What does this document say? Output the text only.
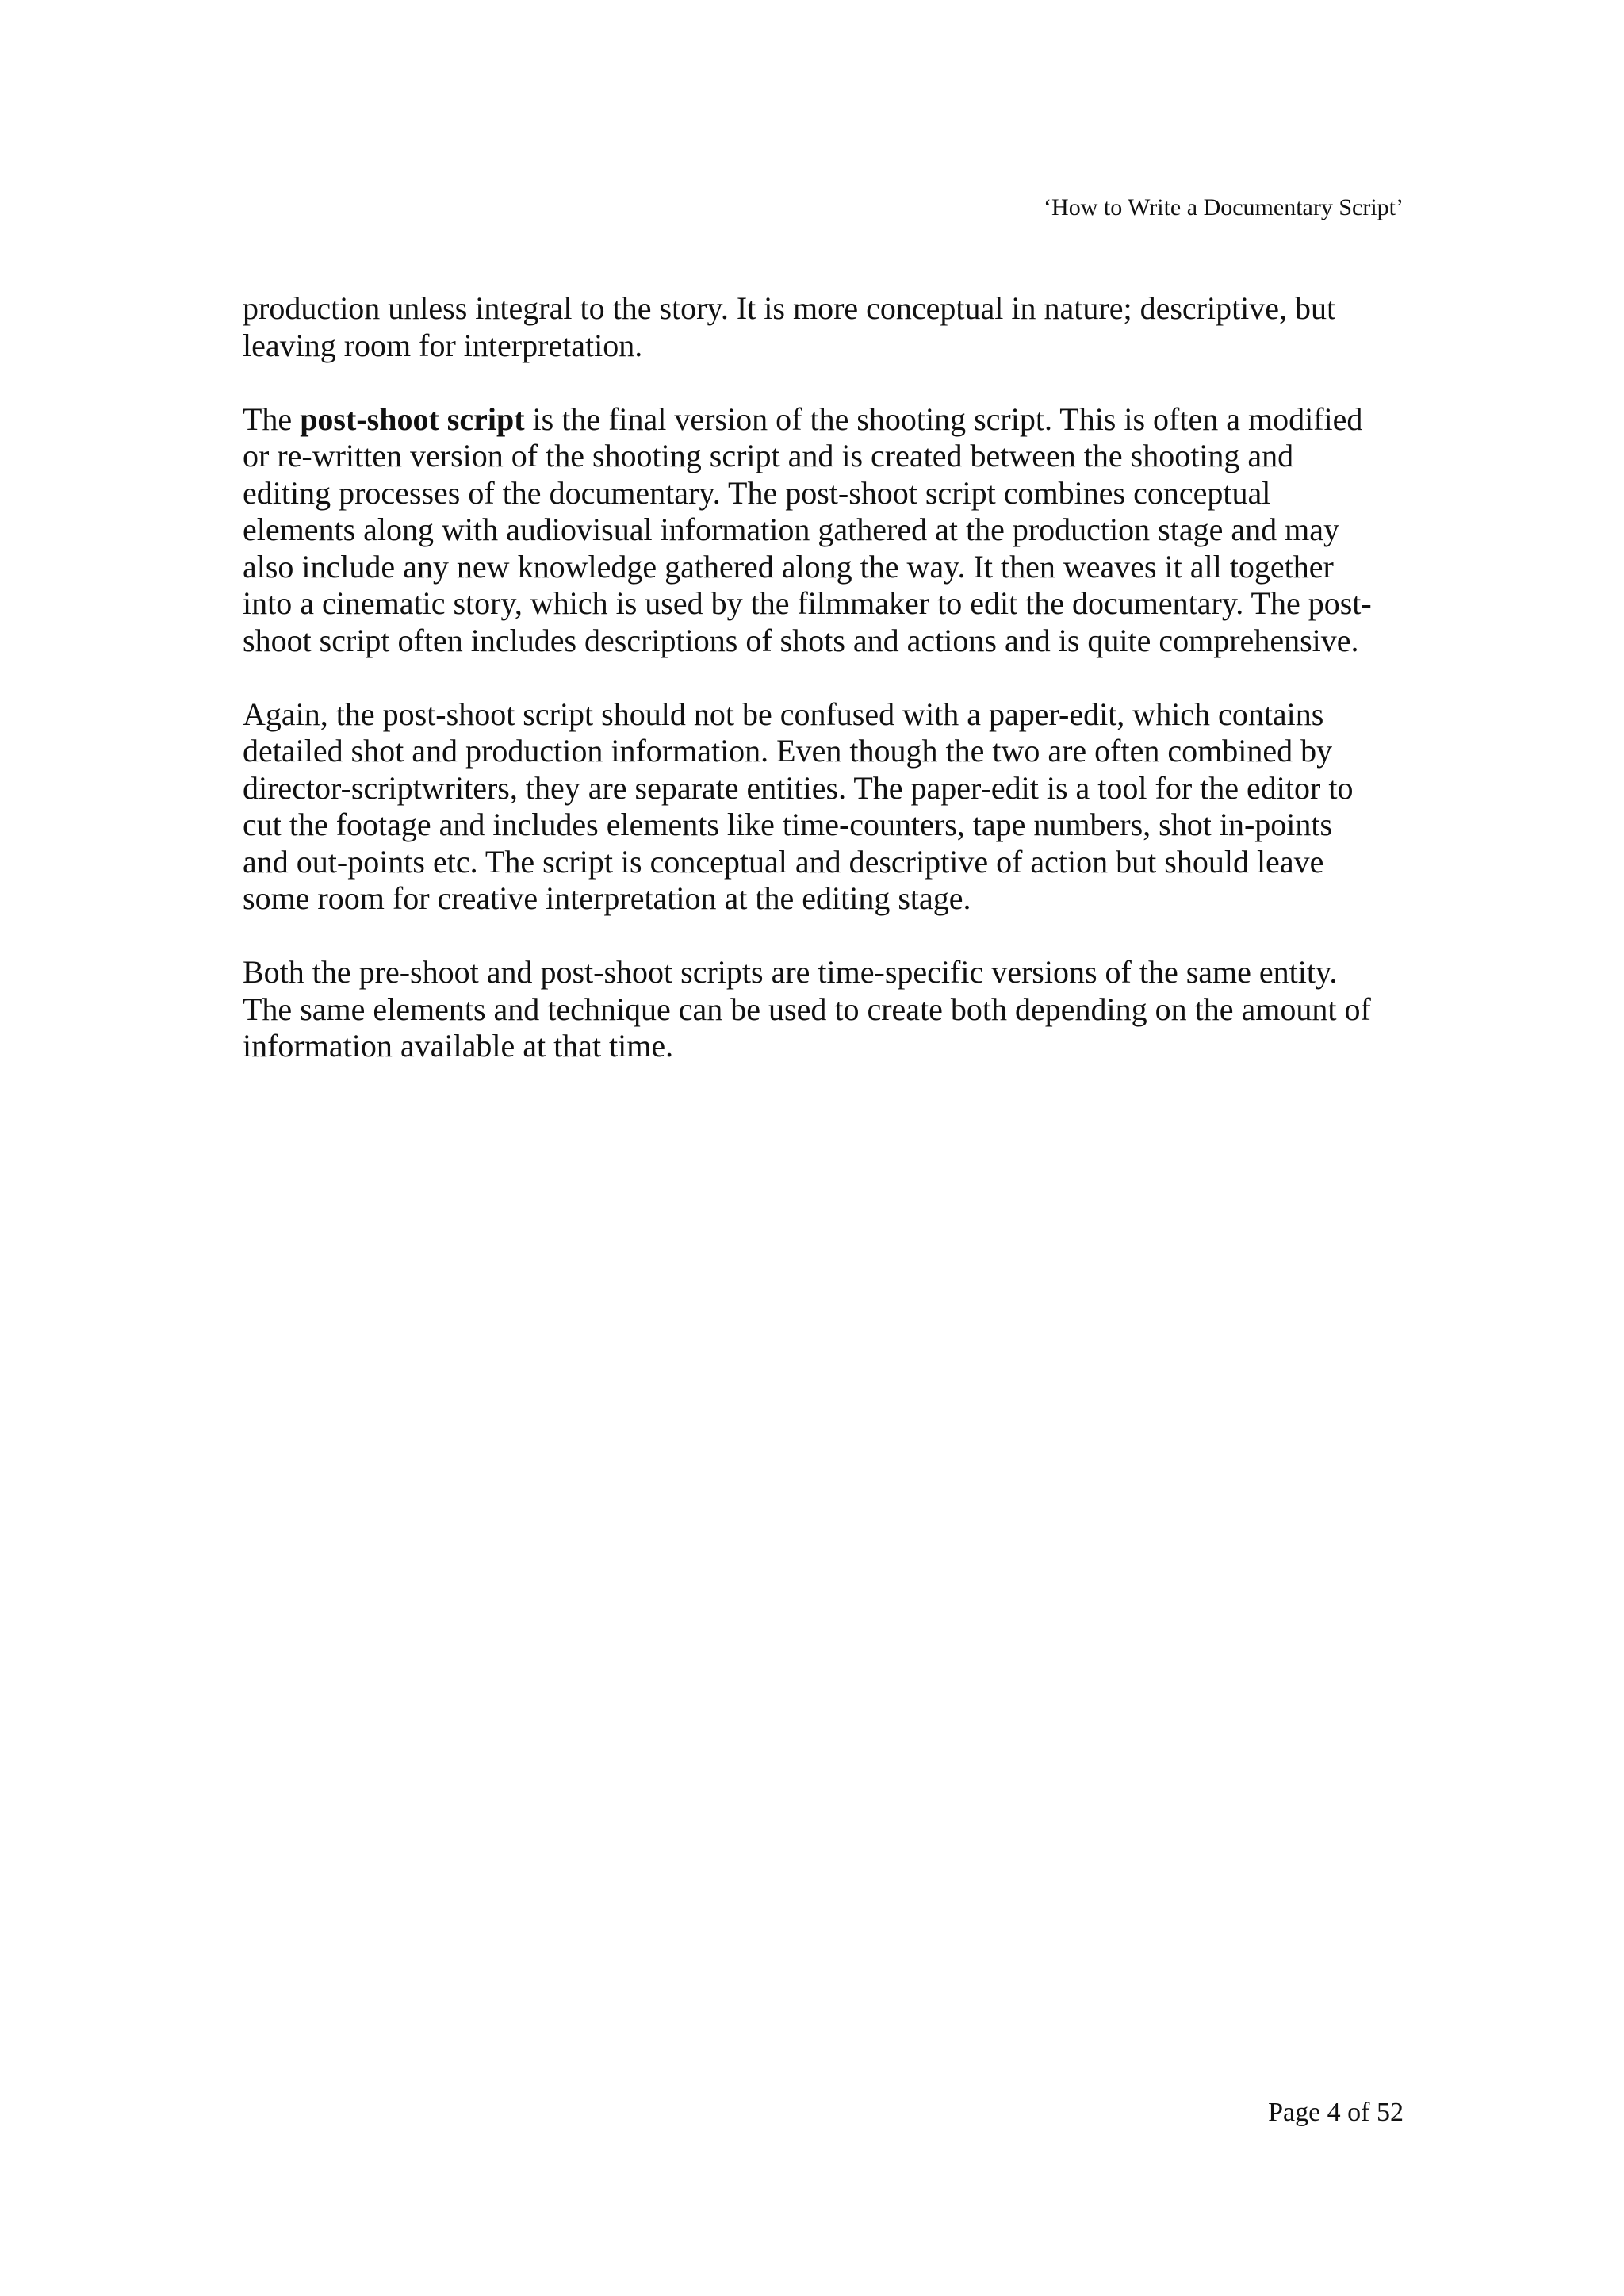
‘How to Write a Documentary Script’

production unless integral to the story. It is more conceptual in nature; descriptive, but
leaving room for interpretation.

The post-shoot script is the final version of the shooting script. This is often a modified
or re-written version of the shooting script and is created between the shooting and
editing processes of the documentary. The post-shoot script combines conceptual
elements along with audiovisual information gathered at the production stage and may
also include any new knowledge gathered along the way. It then weaves it all together
into a cinematic story, which is used by the filmmaker to edit the documentary. The post-
shoot script often includes descriptions of shots and actions and is quite comprehensive.

Again, the post-shoot script should not be confused with a paper-edit, which contains
detailed shot and production information. Even though the two are often combined by
director-scriptwriters, they are separate entities. The paper-edit is a tool for the editor to
cut the footage and includes elements like time-counters, tape numbers, shot in-points
and out-points etc. The script is conceptual and descriptive of action but should leave
some room for creative interpretation at the editing stage.

Both the pre-shoot and post-shoot scripts are time-specific versions of the same entity.
The same elements and technique can be used to create both depending on the amount of
information available at that time.

Page 4 of 52
